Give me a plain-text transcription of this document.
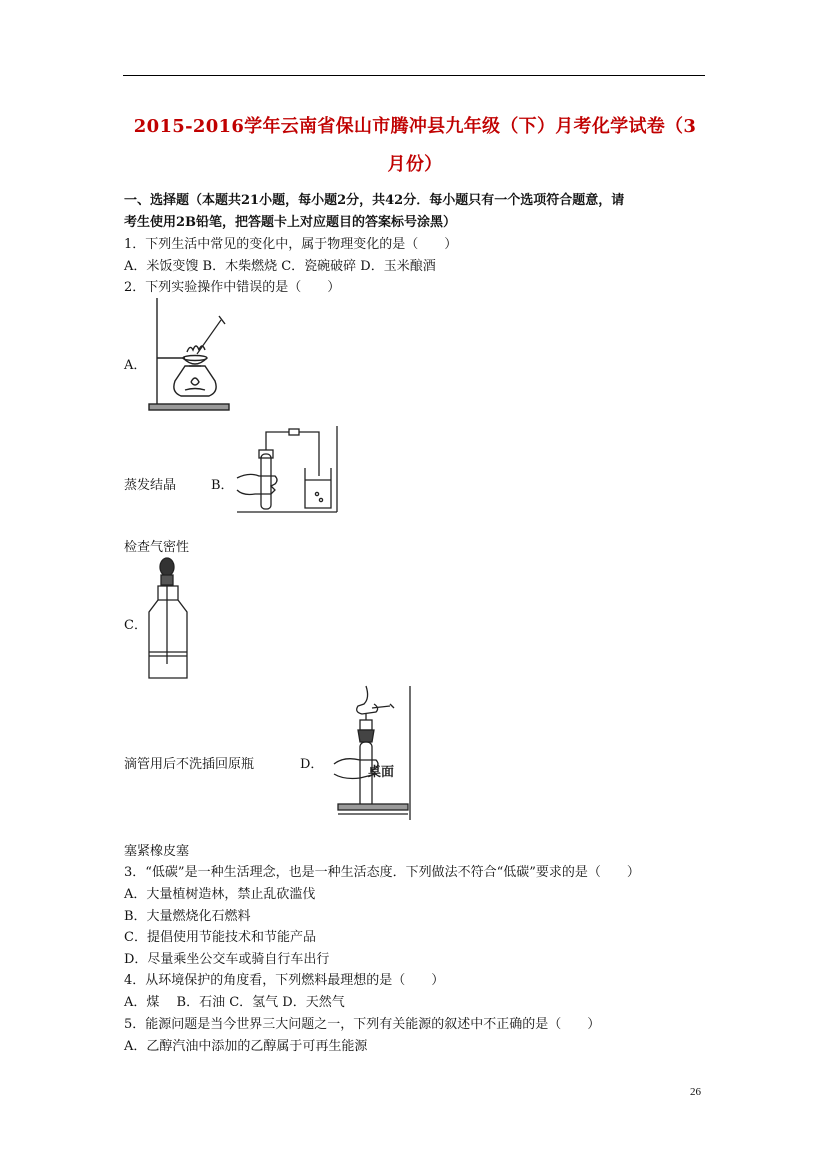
2015-2016学年云南省保山市腾冲县九年级（下）月考化学试卷（3
月份）
一、选择题（本题共21小题，每小题2分，共42分．每小题只有一个选项符合题意，请
考生使用2B铅笔，把答题卡上对应题目的答案标号涂黑）
1．下列生活中常见的变化中，属于物理变化的是（　　）
A．米饭变馊 B．木柴燃烧 C．瓷碗破碎 D．玉米酿酒
2．下列实验操作中错误的是（　　）
A．
蒸发结晶	B．
检查气密性
C．
滴管用后不洗插回原瓶	D．	桌面
塞紧橡皮塞
3．“低碳”是一种生活理念，也是一种生活态度．下列做法不符合“低碳”要求的是（　　）
A．大量植树造林，禁止乱砍滥伐
B．大量燃烧化石燃料
C．提倡使用节能技术和节能产品
D．尽量乘坐公交车或骑自行车出行
4．从环境保护的角度看，下列燃料最理想的是（　　）
A．煤　 B．石油 C．氢气 D．天然气
5．能源问题是当今世界三大问题之一，下列有关能源的叙述中不正确的是（　　）
A．乙醇汽油中添加的乙醇属于可再生能源
26
